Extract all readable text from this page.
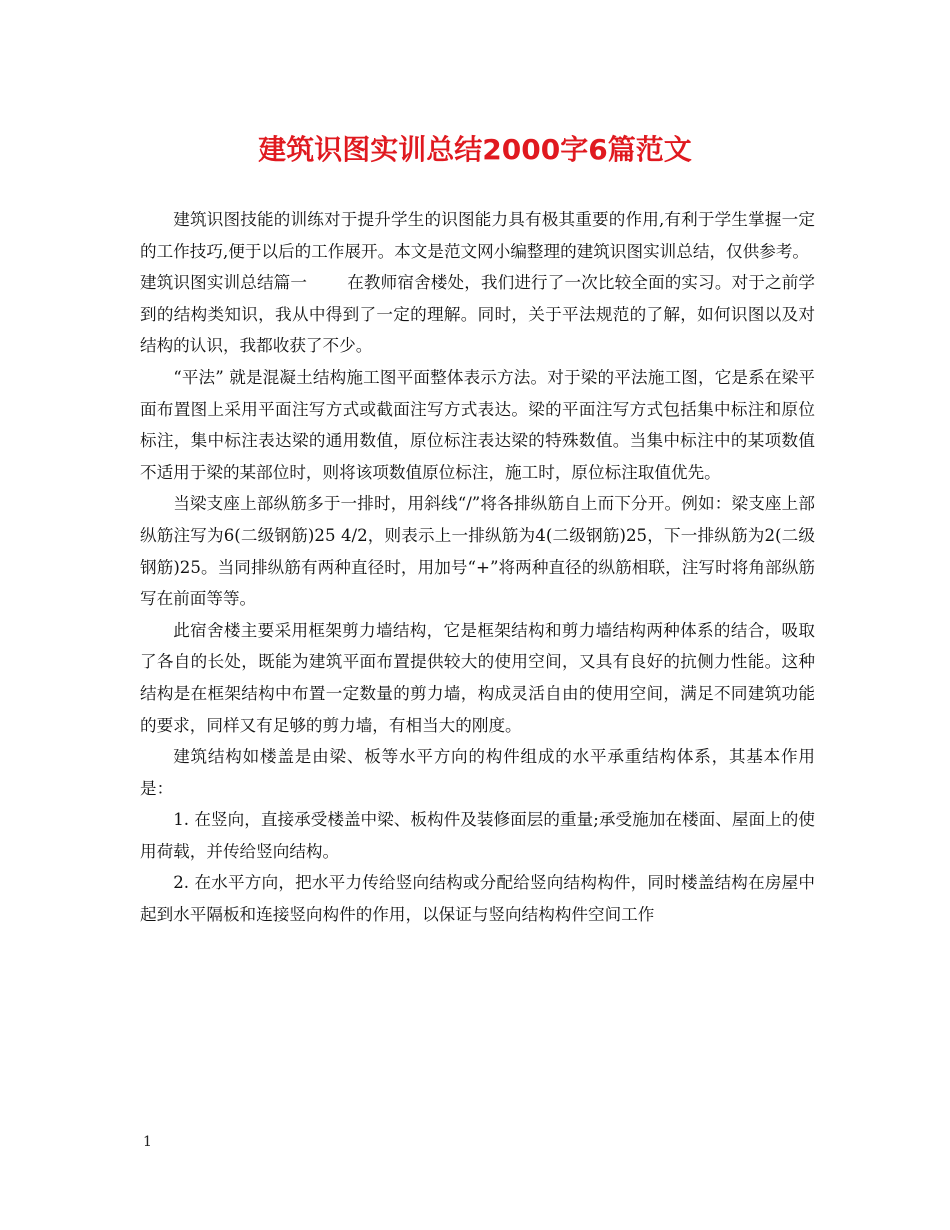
建筑识图实训总结2000字6篇范文

建筑识图技能的训练对于提升学生的识图能力具有极其重要的作用,有利于学生掌握一定的工作技巧,便于以后的工作展开。本文是范文网小编整理的建筑识图实训总结，仅供参考。

建筑识图实训总结篇一 在教师宿舍楼处，我们进行了一次比较全面的实习。对于之前学到的结构类知识，我从中得到了一定的理解。同时，关于平法规范的了解，如何识图以及对结构的认识，我都收获了不少。

“平法” 就是混凝土结构施工图平面整体表示方法。对于梁的平法施工图，它是系在梁平面布置图上采用平面注写方式或截面注写方式表达。梁的平面注写方式包括集中标注和原位标注，集中标注表达梁的通用数值，原位标注表达梁的特殊数值。当集中标注中的某项数值不适用于梁的某部位时，则将该项数值原位标注，施工时，原位标注取值优先。

当梁支座上部纵筋多于一排时，用斜线“/”将各排纵筋自上而下分开。例如：梁支座上部纵筋注写为6(二级钢筋)25 4/2，则表示上一排纵筋为4(二级钢筋)25，下一排纵筋为2(二级钢筋)25。当同排纵筋有两种直径时，用加号“+”将两种直径的纵筋相联，注写时将角部纵筋写在前面等等。

此宿舍楼主要采用框架剪力墙结构，它是框架结构和剪力墙结构两种体系的结合，吸取了各自的长处，既能为建筑平面布置提供较大的使用空间，又具有良好的抗侧力性能。这种结构是在框架结构中布置一定数量的剪力墙，构成灵活自由的使用空间，满足不同建筑功能的要求，同样又有足够的剪力墙，有相当大的刚度。

建筑结构如楼盖是由梁、板等水平方向的构件组成的水平承重结构体系，其基本作用是：

1. 在竖向，直接承受楼盖中梁、板构件及装修面层的重量;承受施加在楼面、屋面上的使用荷载，并传给竖向结构。

2. 在水平方向，把水平力传给竖向结构或分配给竖向结构构件，同时楼盖结构在房屋中起到水平隔板和连接竖向构件的作用，以保证与竖向结构构件空间工作

1
